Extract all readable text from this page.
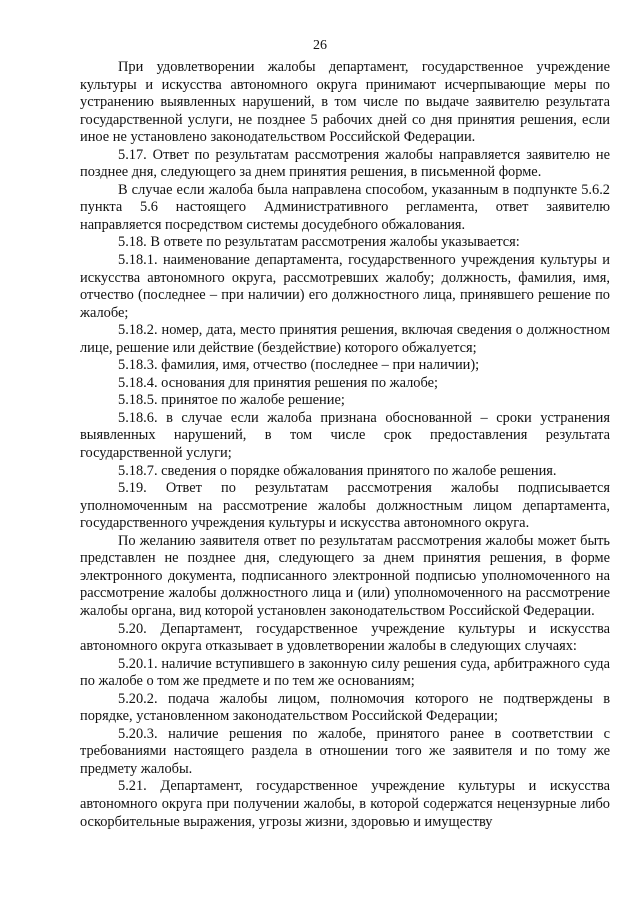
26

При удовлетворении жалобы департамент, государственное учреждение культуры и искусства автономного округа принимают исчерпывающие меры по устранению выявленных нарушений, в том числе по выдаче заявителю результата государственной услуги, не позднее 5 рабочих дней со дня принятия решения, если иное не установлено законодательством Российской Федерации.

5.17. Ответ по результатам рассмотрения жалобы направляется заявителю не позднее дня, следующего за днем принятия решения, в письменной форме.

В случае если жалоба была направлена способом, указанным в подпункте 5.6.2 пункта 5.6 настоящего Административного регламента, ответ заявителю направляется посредством системы досудебного обжалования.

5.18. В ответе по результатам рассмотрения жалобы указывается:

5.18.1. наименование департамента, государственного учреждения культуры и искусства автономного округа, рассмотревших жалобу; должность, фамилия, имя, отчество (последнее – при наличии) его должностного лица, принявшего решение по жалобе;

5.18.2. номер, дата, место принятия решения, включая сведения о должностном лице, решение или действие (бездействие) которого обжалуется;

5.18.3. фамилия, имя, отчество (последнее – при наличии);

5.18.4. основания для принятия решения по жалобе;

5.18.5. принятое по жалобе решение;

5.18.6. в случае если жалоба признана обоснованной – сроки устранения выявленных нарушений, в том числе срок предоставления результата государственной услуги;

5.18.7. сведения о порядке обжалования принятого по жалобе решения.

5.19. Ответ по результатам рассмотрения жалобы подписывается уполномоченным на рассмотрение жалобы должностным лицом департамента, государственного учреждения культуры и искусства автономного округа.

По желанию заявителя ответ по результатам рассмотрения жалобы может быть представлен не позднее дня, следующего за днем принятия решения, в форме электронного документа, подписанного электронной подписью уполномоченного на рассмотрение жалобы должностного лица и (или) уполномоченного на рассмотрение жалобы органа, вид которой установлен законодательством Российской Федерации.

5.20. Департамент, государственное учреждение культуры и искусства автономного округа отказывает в удовлетворении жалобы в следующих случаях:

5.20.1. наличие вступившего в законную силу решения суда, арбитражного суда по жалобе о том же предмете и по тем же основаниям;

5.20.2. подача жалобы лицом, полномочия которого не подтверждены в порядке, установленном законодательством Российской Федерации;

5.20.3. наличие решения по жалобе, принятого ранее в соответствии с требованиями настоящего раздела в отношении того же заявителя и по тому же предмету жалобы.

5.21. Департамент, государственное учреждение культуры и искусства автономного округа при получении жалобы, в которой содержатся нецензурные либо оскорбительные выражения, угрозы жизни, здоровью и имуществу
